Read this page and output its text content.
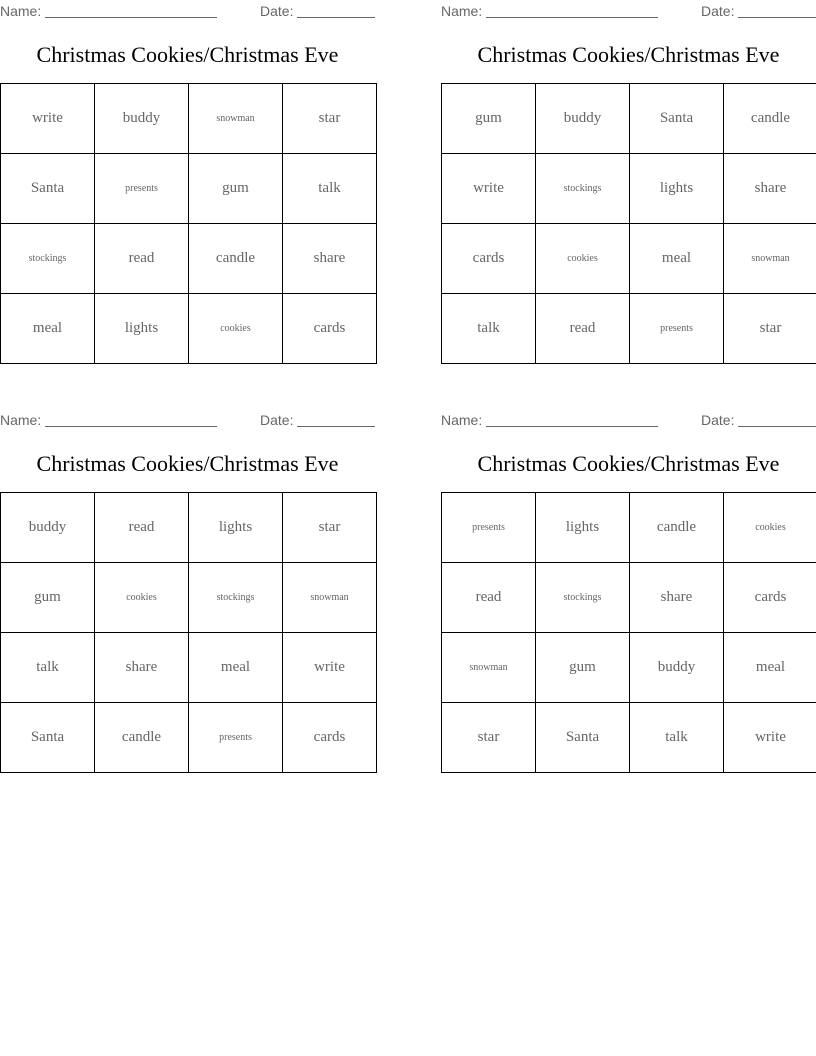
Name:	Date:
Christmas Cookies/Christmas Eve
write	buddy	snowman	star
Santa	presents	gum	talk
stockings	read	candle	share
meal	lights	cookies	cards
Name:	Date:
Christmas Cookies/Christmas Eve
gum	buddy	Santa	candle
write	stockings	lights	share
cards	cookies	meal	snowman
talk	read	presents	star
Name:	Date:
Christmas Cookies/Christmas Eve
buddy	read	lights	star
gum	cookies	stockings	snowman
talk	share	meal	write
Santa	candle	presents	cards
Name:	Date:
Christmas Cookies/Christmas Eve
presents	lights	candle	cookies
read	stockings	share	cards
snowman	gum	buddy	meal
star	Santa	talk	write
